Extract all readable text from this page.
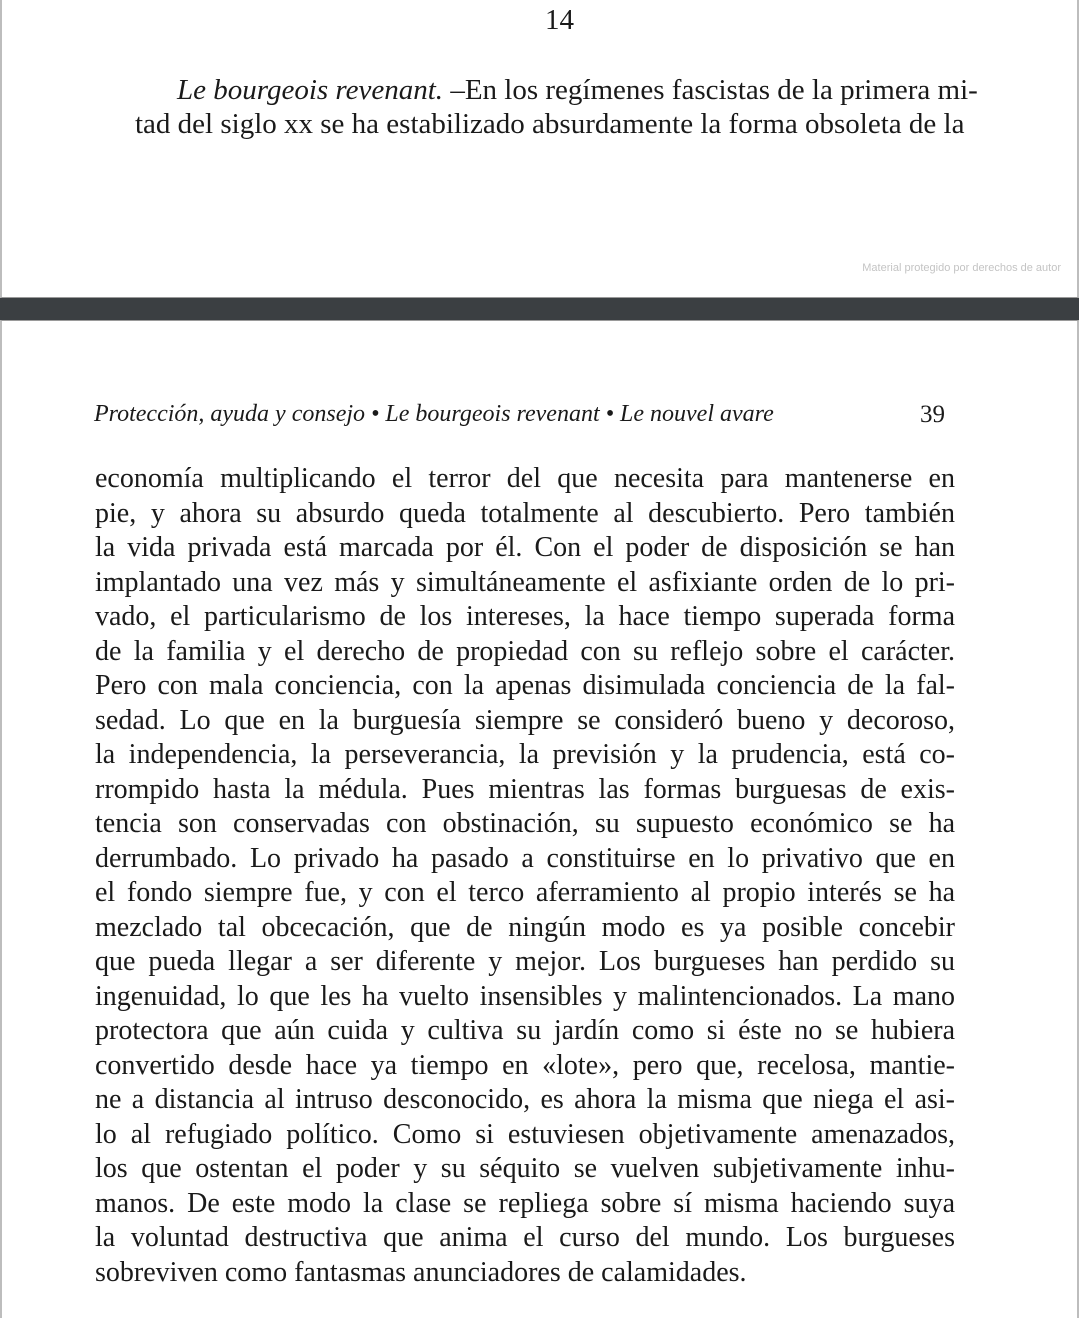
14
Le bourgeois revenant. –En los regímenes fascistas de la primera mi-
tad del siglo xx se ha estabilizado absurdamente la forma obsoleta de la
Material protegido por derechos de autor
Protección, ayuda y consejo • Le bourgeois revenant • Le nouvel avare	39
economía multiplicando el terror del que necesita para mantenerse en
pie, y ahora su absurdo queda totalmente al descubierto. Pero también
la vida privada está marcada por él. Con el poder de disposición se han
implantado una vez más y simultáneamente el asfixiante orden de lo pri-
vado, el particularismo de los intereses, la hace tiempo superada forma
de la familia y el derecho de propiedad con su reflejo sobre el carácter.
Pero con mala conciencia, con la apenas disimulada conciencia de la fal-
sedad. Lo que en la burguesía siempre se consideró bueno y decoroso,
la independencia, la perseverancia, la previsión y la prudencia, está co-
rrompido hasta la médula. Pues mientras las formas burguesas de exis-
tencia son conservadas con obstinación, su supuesto económico se ha
derrumbado. Lo privado ha pasado a constituirse en lo privativo que en
el fondo siempre fue, y con el terco aferramiento al propio interés se ha
mezclado tal obcecación, que de ningún modo es ya posible concebir
que pueda llegar a ser diferente y mejor. Los burgueses han perdido su
ingenuidad, lo que les ha vuelto insensibles y malintencionados. La mano
protectora que aún cuida y cultiva su jardín como si éste no se hubiera
convertido desde hace ya tiempo en «lote», pero que, recelosa, mantie-
ne a distancia al intruso desconocido, es ahora la misma que niega el asi-
lo al refugiado político. Como si estuviesen objetivamente amenazados,
los que ostentan el poder y su séquito se vuelven subjetivamente inhu-
manos. De este modo la clase se repliega sobre sí misma haciendo suya
la voluntad destructiva que anima el curso del mundo. Los burgueses
sobreviven como fantasmas anunciadores de calamidades.
